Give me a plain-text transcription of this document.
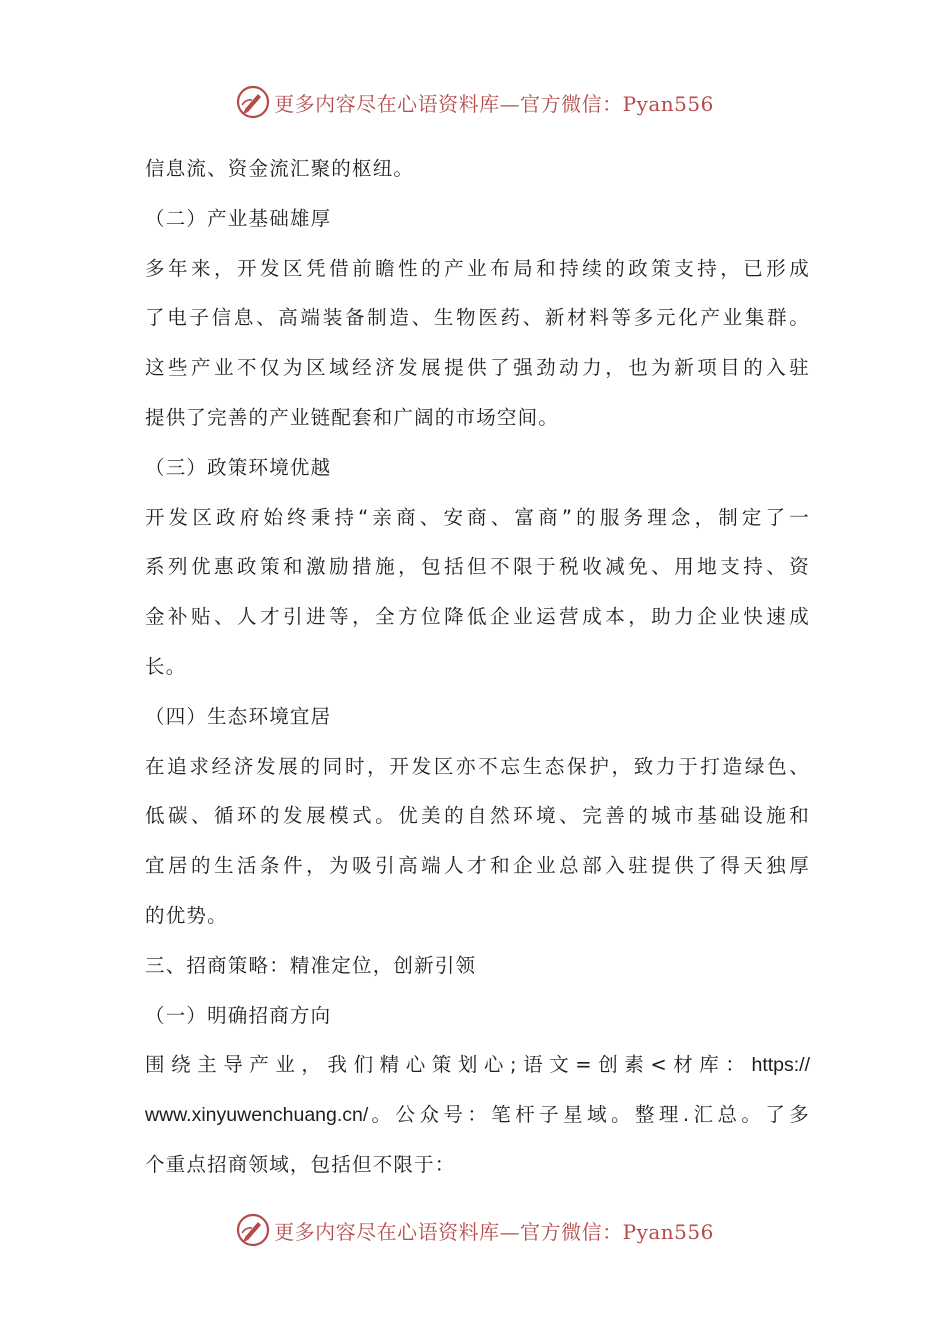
更多内容尽在心语资料库—官方微信：Pyan556
信息流、资金流汇聚的枢纽。
（二）产业基础雄厚
多年来，开发区凭借前瞻性的产业布局和持续的政策支持，已形成
了电子信息、高端装备制造、生物医药、新材料等多元化产业集群。
这些产业不仅为区域经济发展提供了强劲动力，也为新项目的入驻
提供了完善的产业链配套和广阔的市场空间。
（三）政策环境优越
开发区政府始终秉持“亲商、安商、富商”的服务理念，制定了一
系列优惠政策和激励措施，包括但不限于税收减免、用地支持、资
金补贴、人才引进等，全方位降低企业运营成本，助力企业快速成
长。
（四）生态环境宜居
在追求经济发展的同时，开发区亦不忘生态保护，致力于打造绿色、
低碳、循环的发展模式。优美的自然环境、完善的城市基础设施和
宜居的生活条件，为吸引高端人才和企业总部入驻提供了得天独厚
的优势。
三、招商策略：精准定位，创新引领
（一）明确招商方向
围绕主导产业，我们精心策划心;语文=创素<材库：https://
www.xinyuwenchuang.cn/。公众号：笔杆子星域。整理.汇总。了多
个重点招商领域，包括但不限于：
更多内容尽在心语资料库—官方微信：Pyan556
